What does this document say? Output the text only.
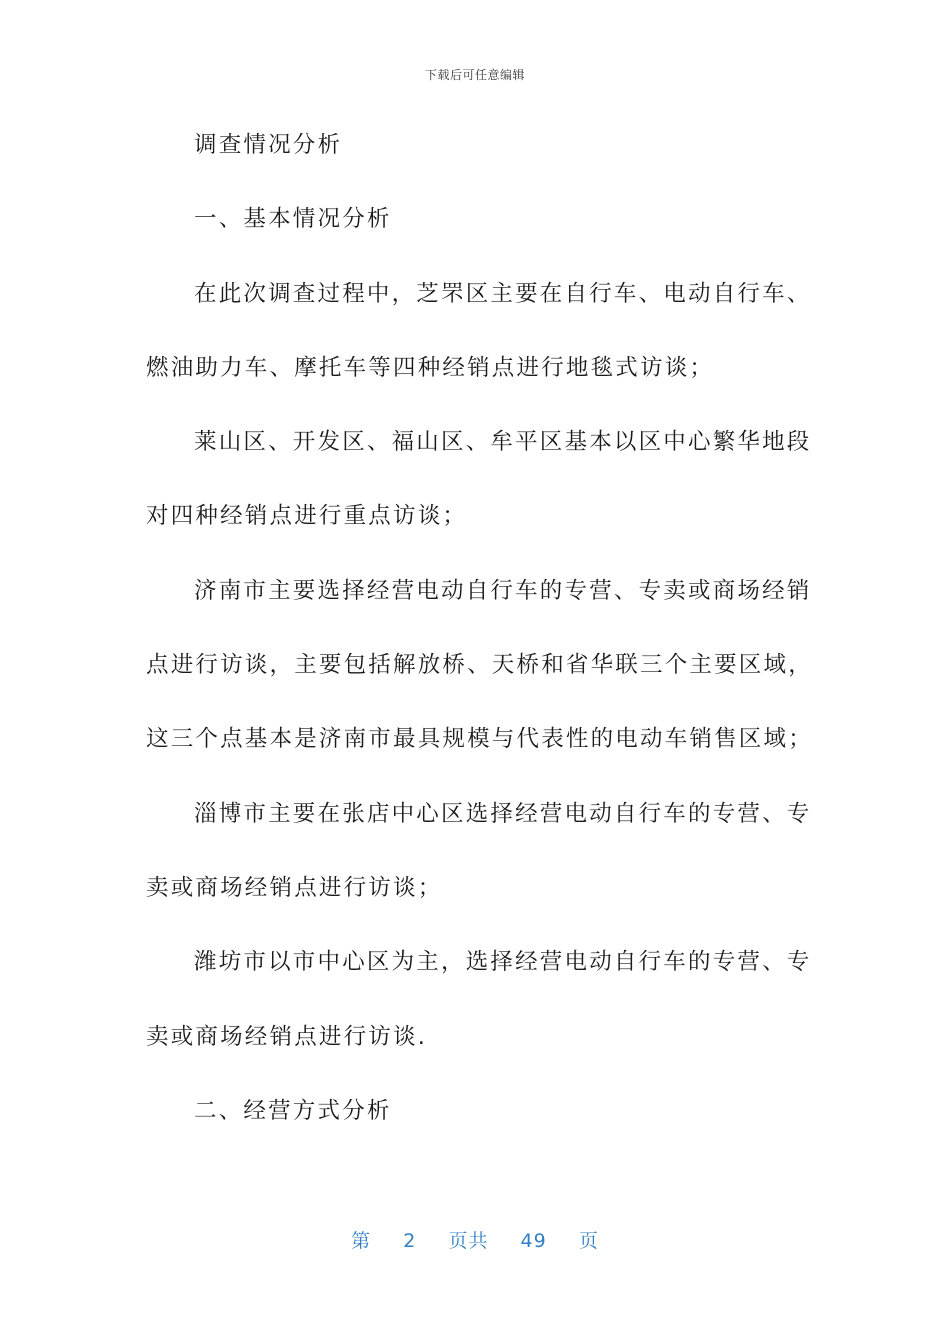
下载后可任意编辑
调查情况分析
一、基本情况分析
在此次调查过程中，芝罘区主要在自行车、电动自行车、
燃油助力车、摩托车等四种经销点进行地毯式访谈；
莱山区、开发区、福山区、牟平区基本以区中心繁华地段
对四种经销点进行重点访谈；
济南市主要选择经营电动自行车的专营、专卖或商场经销
点进行访谈，主要包括解放桥、天桥和省华联三个主要区域，
这三个点基本是济南市最具规模与代表性的电动车销售区域；
淄博市主要在张店中心区选择经营电动自行车的专营、专
卖或商场经销点进行访谈；
潍坊市以市中心区为主，选择经营电动自行车的专营、专
卖或商场经销点进行访谈.
二、经营方式分析
第 2 页共 49 页
